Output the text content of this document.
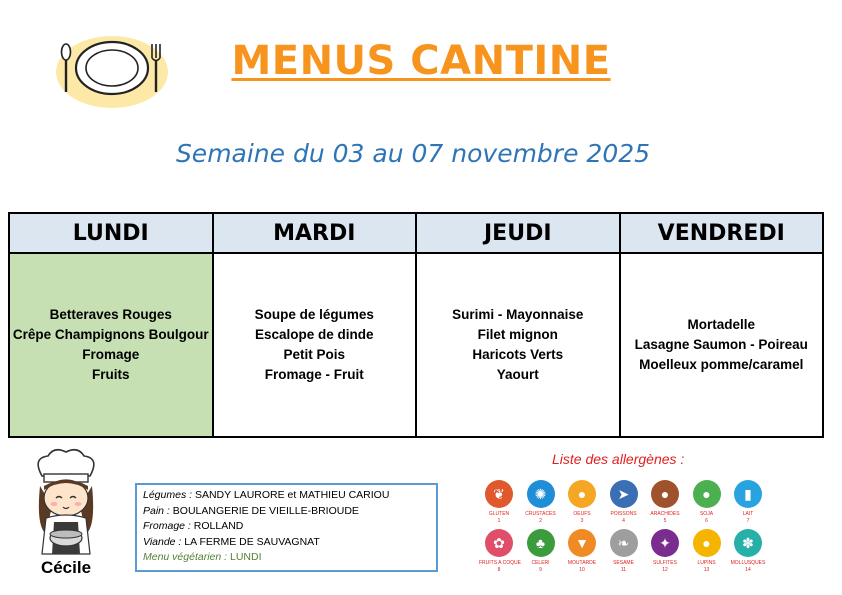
MENUS CANTINE
Semaine du 03 au 07 novembre 2025
LUNDI	MARDI	JEUDI	VENDREDI

Betteraves Rouges
Crêpe Champignons Boulgour
Fromage
Fruits	Soupe de légumes
Escalope de dinde
Petit Pois
Fromage - Fruit	Surimi - Mayonnaise
Filet mignon
Haricots Verts
Yaourt	Mortadelle
Lasagne Saumon - Poireau
Moelleux pomme/caramel
Cécile
Légumes : SANDY LAURORE et MATHIEU CARIOU
Pain : BOULANGERIE DE VIEILLE-BRIOUDE
Fromage : ROLLAND
Viande : LA FERME DE SAUVAGNAT
Menu végétarien : LUNDI
Liste des allergènes :
❦
GLUTEN
1
✺
CRUSTACES
2
●
OEUFS
3
➤
POISSONS
4
●
ARACHIDES
5
●
SOJA
6
▮
LAIT
7
✿
FRUITS A COQUE
8
♣
CELERI
9
▼
MOUTARDE
10
❧
SESAME
11
✦
SULFITES
12
●
LUPINS
13
✽
MOLLUSQUES
14
